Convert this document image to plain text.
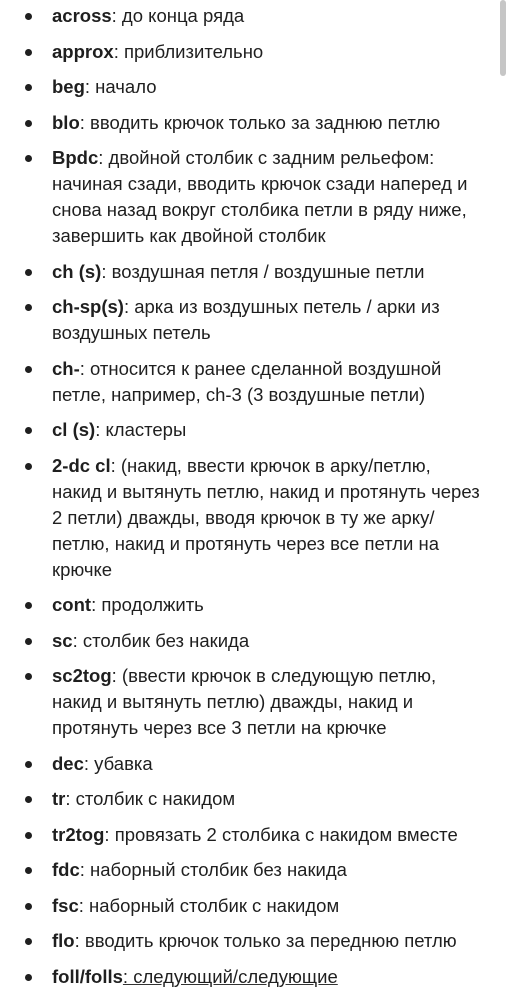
across: до конца ряда
approx: приблизительно
beg: начало
blo: вводить крючок только за заднюю петлю
Bpdc: двойной столбик с задним рельефом: начиная сзади, вводить крючок сзади наперед и снова назад вокруг столбика петли в ряду ниже, завершить как двойной столбик
ch (s): воздушная петля / воздушные петли
ch-sp(s): арка из воздушных петель / арки из воздушных петель
ch-: относится к ранее сделанной воздушной петле, например, ch-3 (3 воздушные петли)
cl (s): кластеры
2-dc cl: (накид, ввести крючок в арку/петлю, накид и вытянуть петлю, накид и протянуть через 2 петли) дважды, вводя крючок в ту же арку/петлю, накид и протянуть через все петли на крючке
cont: продолжить
sc: столбик без накида
sc2tog: (ввести крючок в следующую петлю, накид и вытянуть петлю) дважды, накид и протянуть через все 3 петли на крючке
dec: убавка
tr: столбик с накидом
tr2tog: провязать 2 столбика с накидом вместе
fdc: наборный столбик без накида
fsc: наборный столбик с накидом
flo: вводить крючок только за переднюю петлю
foll/folls: следующий/следующие
